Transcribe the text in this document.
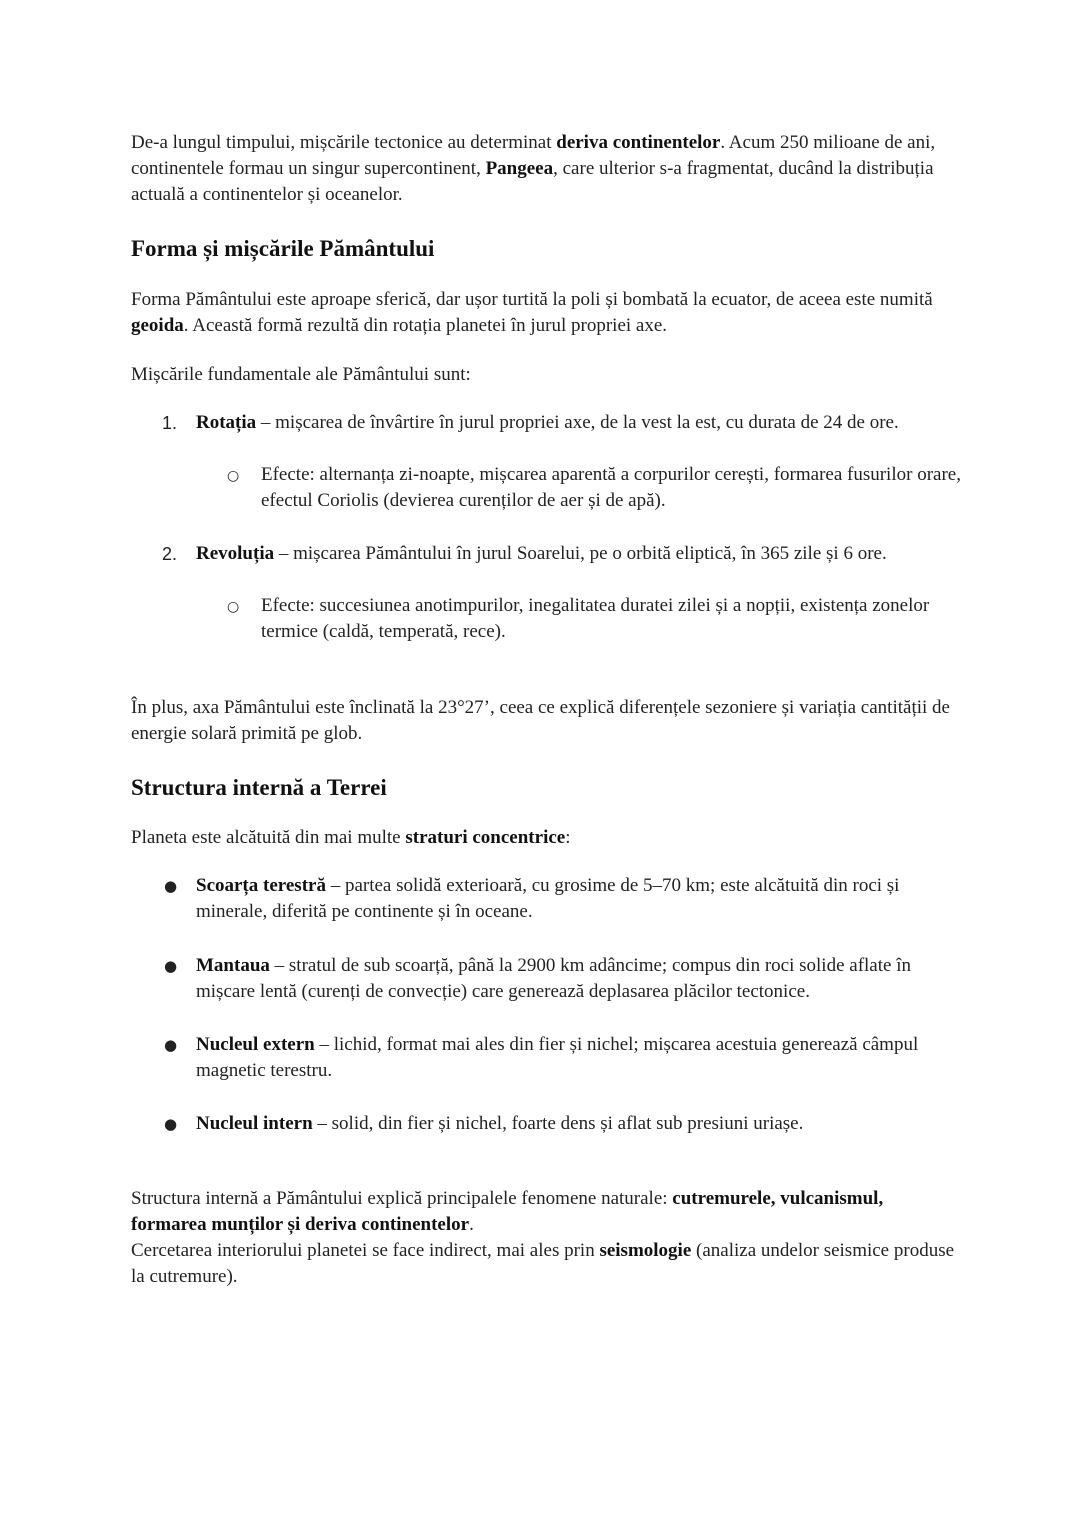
De-a lungul timpului, mișcările tectonice au determinat deriva continentelor. Acum 250 milioane de ani, continentele formau un singur supercontinent, Pangeea, care ulterior s-a fragmentat, ducând la distribuția actuală a continentelor și oceanelor.

Forma și mișcările Pământului

Forma Pământului este aproape sferică, dar ușor turtită la poli și bombată la ecuator, de aceea este numită geoida. Această formă rezultă din rotația planetei în jurul propriei axe.

Mișcările fundamentale ale Pământului sunt:

1. Rotația – mișcarea de învârtire în jurul propriei axe, de la vest la est, cu durata de 24 de ore.

○ Efecte: alternanța zi-noapte, mișcarea aparentă a corpurilor cerești, formarea fusurilor orare, efectul Coriolis (devierea curenților de aer și de apă).

2. Revoluția – mișcarea Pământului în jurul Soarelui, pe o orbită eliptică, în 365 zile și 6 ore.

○ Efecte: succesiunea anotimpurilor, inegalitatea duratei zilei și a nopții, existența zonelor termice (caldă, temperată, rece).

În plus, axa Pământului este înclinată la 23°27’, ceea ce explică diferențele sezoniere și variația cantității de energie solară primită pe glob.

Structura internă a Terrei

Planeta este alcătuită din mai multe straturi concentrice:

● Scoarța terestră – partea solidă exterioară, cu grosime de 5–70 km; este alcătuită din roci și minerale, diferită pe continente și în oceane.

● Mantaua – stratul de sub scoarță, până la 2900 km adâncime; compus din roci solide aflate în mișcare lentă (curenți de convecție) care generează deplasarea plăcilor tectonice.

● Nucleul extern – lichid, format mai ales din fier și nichel; mișcarea acestuia generează câmpul magnetic terestru.

● Nucleul intern – solid, din fier și nichel, foarte dens și aflat sub presiuni uriașe.

Structura internă a Pământului explică principalele fenomene naturale: cutremurele, vulcanismul, formarea munților și deriva continentelor.
Cercetarea interiorului planetei se face indirect, mai ales prin seismologie (analiza undelor seismice produse la cutremure).
